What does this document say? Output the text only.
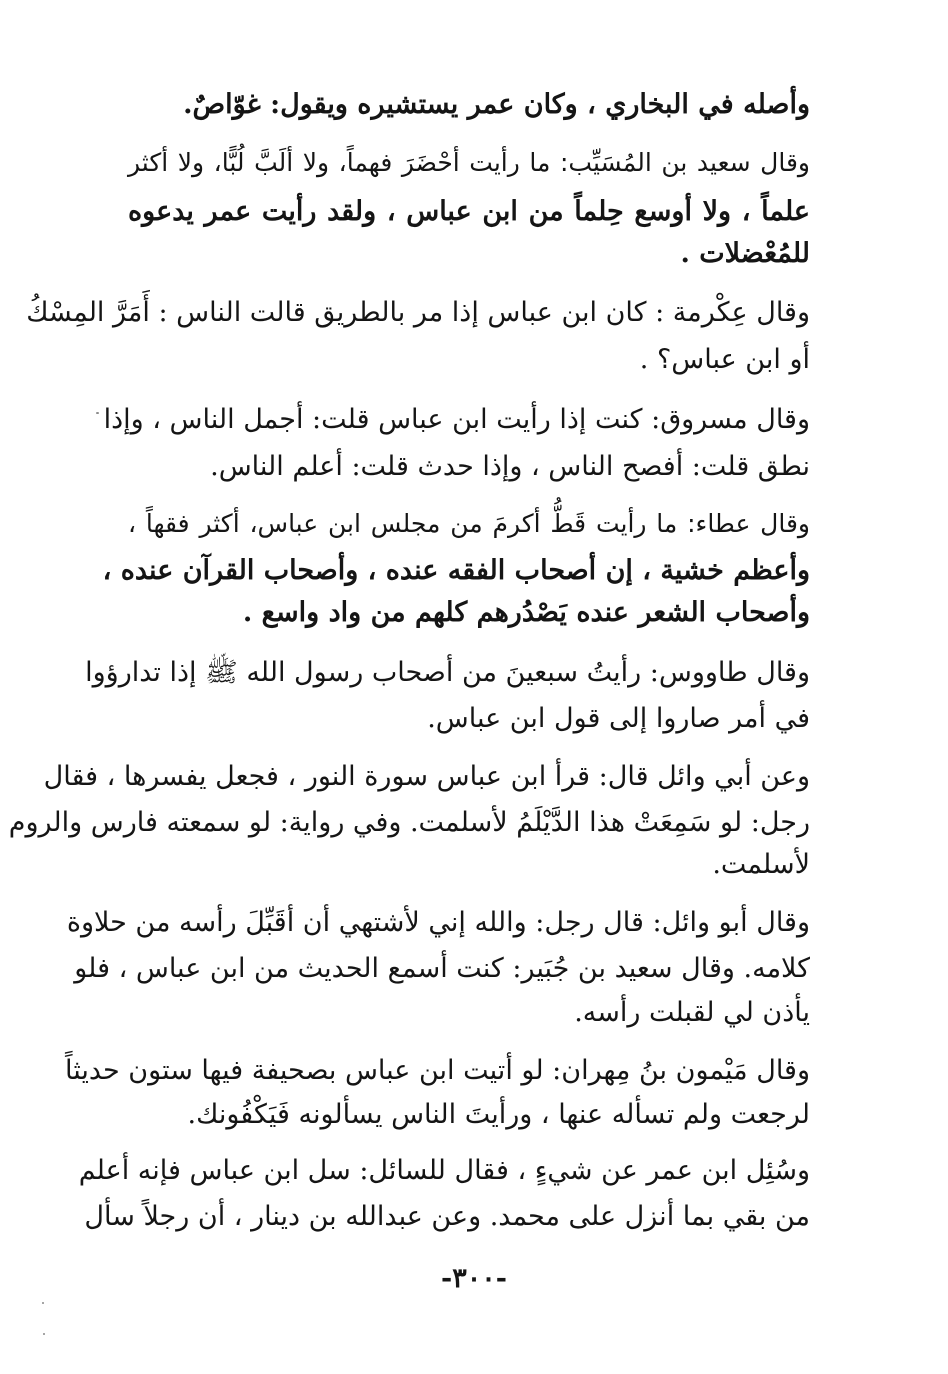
وأصله في البخاري ، وكان عمر يستشيره ويقول: غوّاصٌ.
وقال سعيد بن المُسَيِّب: ما رأيت أحْضَرَ فهماً، ولا ألَبَّ لُبًّا، ولا أكثر
علماً ، ولا أوسع حِلماً من ابن عباس ، ولقد رأيت عمر يدعوه
للمُعْضلات .
وقال عِكْرمة : كان ابن عباس إذا مر بالطريق قالت الناس : أَمَرَّ المِسْكُ
أو ابن عباس؟ .
وقال مسروق: كنت إذا رأيت ابن عباس قلت: أجمل الناس ، وإذا
نطق قلت: أفصح الناس ، وإذا حدث قلت: أعلم الناس.
وقال عطاء: ما رأيت قَطُّ أكرمَ من مجلس ابن عباس، أكثر فقهاً ،
وأعظم خشية ، إن أصحاب الفقه عنده ، وأصحاب القرآن عنده ،
وأصحاب الشعر عنده يَصْدُرهم كلهم من واد واسع .
وقال طاووس: رأيتُ سبعينَ من أصحاب رسول الله ﷺ إذا تدارؤوا
في أمر صاروا إلى قول ابن عباس.
وعن أبي وائل قال: قرأ ابن عباس سورة النور ، فجعل يفسرها ، فقال
رجل: لو سَمِعَتْ هذا الدَّيْلَمُ لأسلمت. وفي رواية: لو سمعته فارس والروم
لأسلمت.
وقال أبو وائل: قال رجل: والله إني لأشتهي أن أقَبِّلَ رأسه من حلاوة
كلامه. وقال سعيد بن جُبَير: كنت أسمع الحديث من ابن عباس ، فلو
يأذن لي لقبلت رأسه.
وقال مَيْمون بنُ مِهران: لو أتيت ابن عباس بصحيفة فيها ستون حديثاً
لرجعت ولم تسأله عنها ، ورأيتَ الناس يسألونه فَيَكْفُونك.
وسُئِل ابن عمر عن شيءٍ ، فقال للسائل: سل ابن عباس فإنه أعلم
من بقي بما أنزل على محمد. وعن عبدالله بن دينار ، أن رجلاً سأل
-٣٠٠-
